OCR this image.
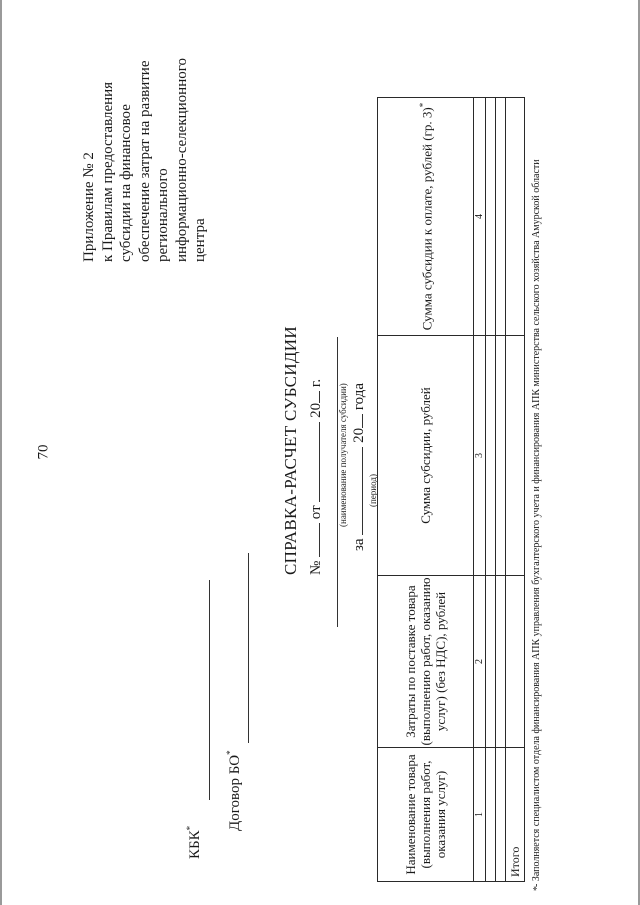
70
Приложение № 2 к Правилам предоставления субсидии на финансовое обеспечение затрат на развитие регионального информационно-селекционного центра
КБК*	Договор БО*
СПРАВКА-РАСЧЕТ СУБСИДИИ №  от  20 г.
(наименование получателя субсидии)
за  20 года
(период)
Наименование товара (выполнения работ, оказания услуг)	Затраты по поставке товара (выполнению работ, оказанию услуг) (без НДС), рублей	Сумма субсидии, рублей	Сумма субсидии к оплате, рублей (гр. 3)*
1	2	3	4

Итого			
*
- Заполняется специалистом отдела финансирования АПК управления бухгалтерского учета и финансирования АПК министерства сельского хозяйства Амурской области
